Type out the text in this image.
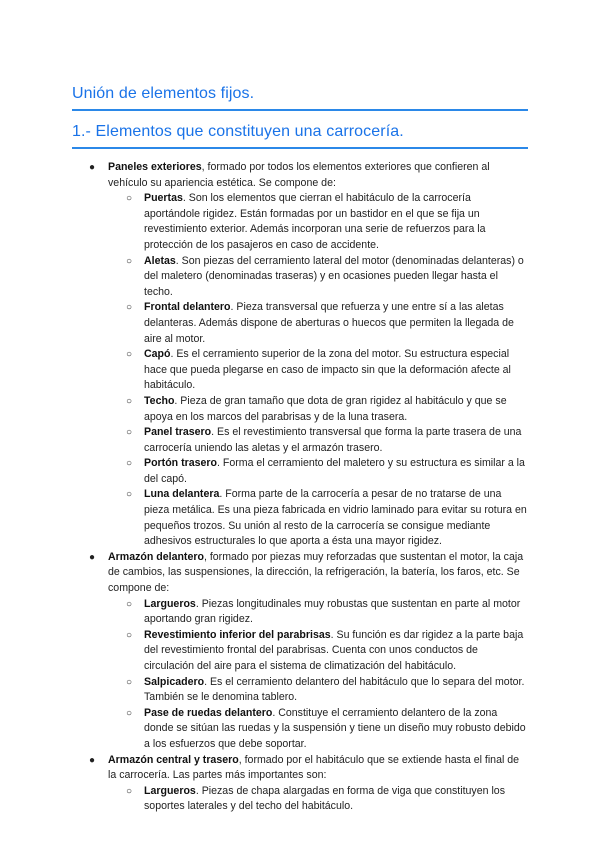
Unión de elementos fijos.
1.- Elementos que constituyen una carrocería.
● Paneles exteriores, formado por todos los elementos exteriores que confieren al vehículo su apariencia estética. Se compone de:
○ Puertas. Son los elementos que cierran el habitáculo de la carrocería aportándole rigidez. Están formadas por un bastidor en el que se fija un revestimiento exterior. Además incorporan una serie de refuerzos para la protección de los pasajeros en caso de accidente.
○ Aletas. Son piezas del cerramiento lateral del motor (denominadas delanteras) o del maletero (denominadas traseras) y en ocasiones pueden llegar hasta el techo.
○ Frontal delantero. Pieza transversal que refuerza y une entre sí a las aletas delanteras. Además dispone de aberturas o huecos que permiten la llegada de aire al motor.
○ Capó. Es el cerramiento superior de la zona del motor. Su estructura especial hace que pueda plegarse en caso de impacto sin que la deformación afecte al habitáculo.
○ Techo. Pieza de gran tamaño que dota de gran rigidez al habitáculo y que se apoya en los marcos del parabrisas y de la luna trasera.
○ Panel trasero. Es el revestimiento transversal que forma la parte trasera de una carrocería uniendo las aletas y el armazón trasero.
○ Portón trasero. Forma el cerramiento del maletero y su estructura es similar a la del capó.
○ Luna delantera. Forma parte de la carrocería a pesar de no tratarse de una pieza metálica. Es una pieza fabricada en vidrio laminado para evitar su rotura en pequeños trozos. Su unión al resto de la carrocería se consigue mediante adhesivos estructurales lo que aporta a ésta una mayor rigidez.
● Armazón delantero, formado por piezas muy reforzadas que sustentan el motor, la caja de cambios, las suspensiones, la dirección, la refrigeración, la batería, los faros, etc. Se compone de:
○ Largueros. Piezas longitudinales muy robustas que sustentan en parte al motor aportando gran rigidez.
○ Revestimiento inferior del parabrisas. Su función es dar rigidez a la parte baja del revestimiento frontal del parabrisas. Cuenta con unos conductos de circulación del aire para el sistema de climatización del habitáculo.
○ Salpicadero. Es el cerramiento delantero del habitáculo que lo separa del motor. También se le denomina tablero.
○ Pase de ruedas delantero. Constituye el cerramiento delantero de la zona donde se sitúan las ruedas y la suspensión y tiene un diseño muy robusto debido a los esfuerzos que debe soportar.
● Armazón central y trasero, formado por el habitáculo que se extiende hasta el final de la carrocería. Las partes más importantes son:
○ Largueros. Piezas de chapa alargadas en forma de viga que constituyen los soportes laterales y del techo del habitáculo.
